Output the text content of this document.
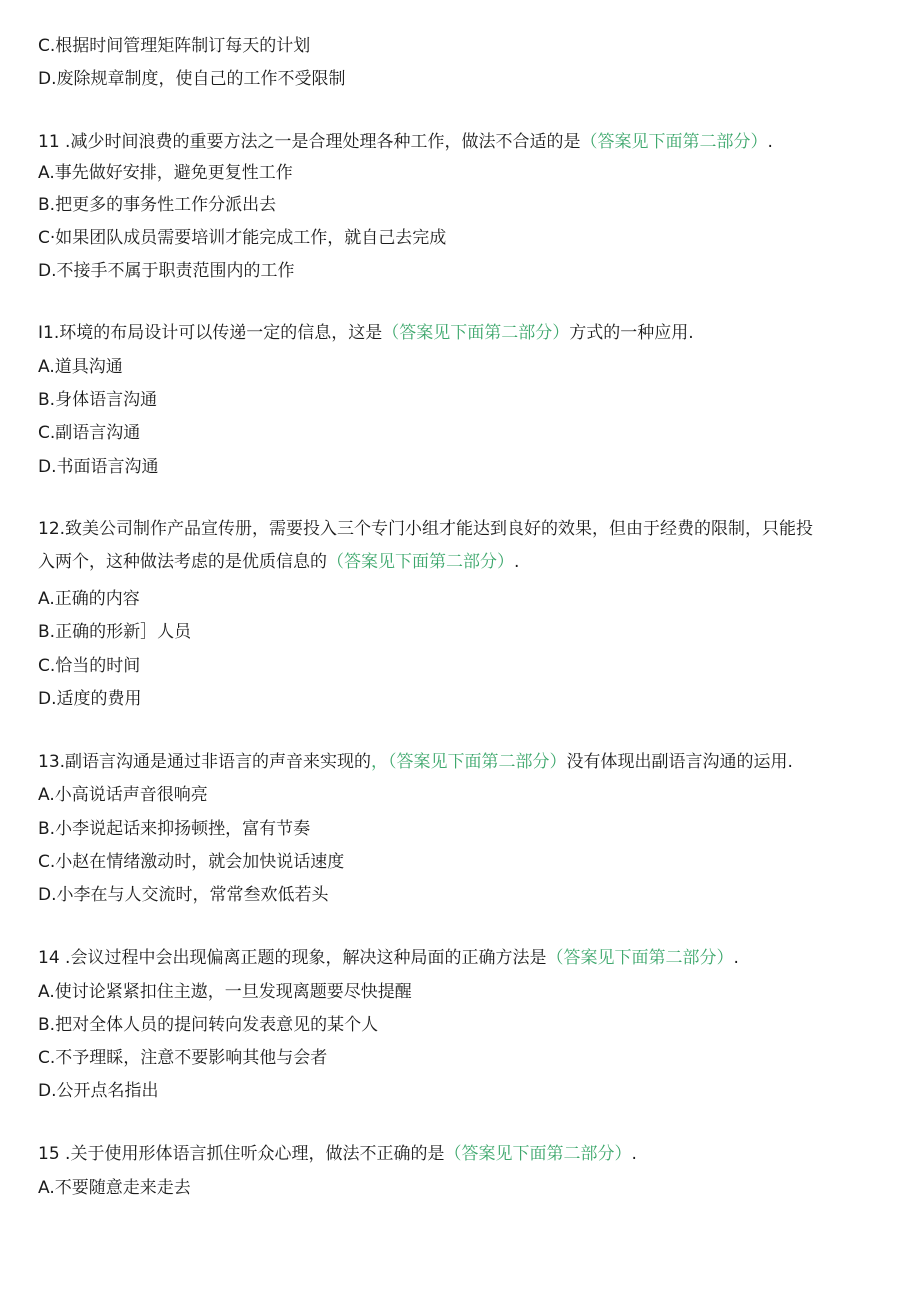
C.根据时间管理矩阵制订每天的计划
D.废除规章制度，使自己的工作不受限制
11 .减少时间浪费的重要方法之一是合理处理各种工作，做法不合适的是（答案见下面第二部分）.
A.事先做好安排，避免更复性工作
B.把更多的事务性工作分派出去
C·如果团队成员需要培训才能完成工作，就自己去完成
D.不接手不属于职责范围内的工作
I1.环境的布局设计可以传递一定的信息，这是（答案见下面第二部分）方式的一种应用.
A.道具沟通
B.身体语言沟通
C.副语言沟通
D.书面语言沟通
12.致美公司制作产品宣传册，需要投入三个专门小组才能达到良好的效果，但由于经费的限制，只能投
入两个，这种做法考虑的是优质信息的（答案见下面第二部分）.
A.正确的内容
B.正确的形新］人员
C.恰当的时间
D.适度的费用
13.副语言沟通是通过非语言的声音来实现的，（答案见下面第二部分）没有体现出副语言沟通的运用.
A.小高说话声音很响亮
B.小李说起话来抑扬顿挫，富有节奏
C.小赵在情绪激动时，就会加快说话速度
D.小李在与人交流时，常常叁欢低若头
14 .会议过程中会出现偏离正题的现象，解决这种局面的正确方法是（答案见下面第二部分）.
A.使讨论紧紧扣住主遨，一旦发现离题要尽快提醒
B.把对全体人员的提问转向发表意见的某个人
C.不予理睬，注意不要影响其他与会者
D.公开点名指出
15 .关于使用形体语言抓住听众心理，做法不正确的是（答案见下面第二部分）.
A.不要随意走来走去
